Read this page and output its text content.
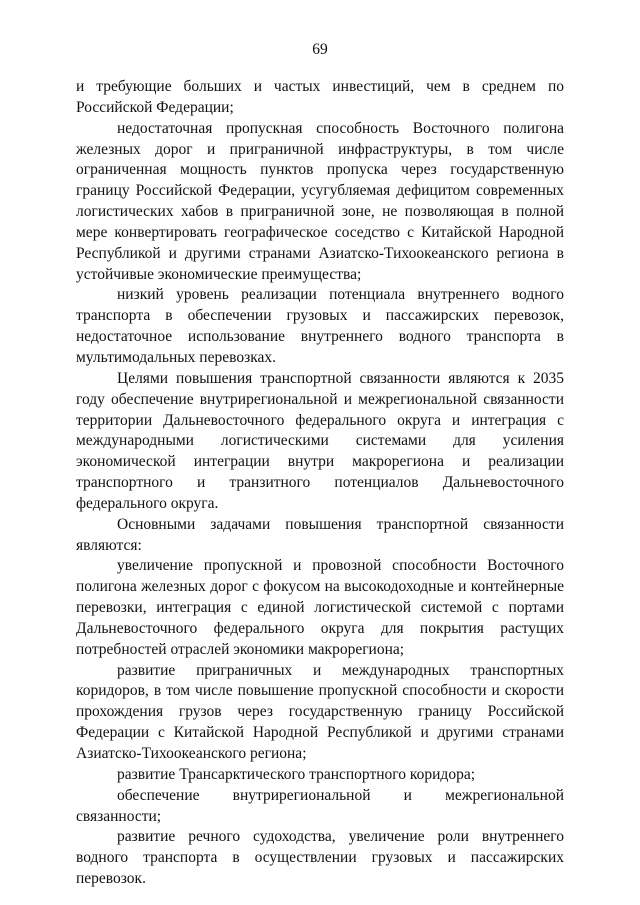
69

и требующие больших и частых инвестиций, чем в среднем по Российской Федерации;

недостаточная пропускная способность Восточного полигона железных дорог и приграничной инфраструктуры, в том числе ограниченная мощность пунктов пропуска через государственную границу Российской Федерации, усугубляемая дефицитом современных логистических хабов в приграничной зоне, не позволяющая в полной мере конвертировать географическое соседство с Китайской Народной Республикой и другими странами Азиатско-Тихоокеанского региона в устойчивые экономические преимущества;

низкий уровень реализации потенциала внутреннего водного транспорта в обеспечении грузовых и пассажирских перевозок, недостаточное использование внутреннего водного транспорта в мультимодальных перевозках.

Целями повышения транспортной связанности являются к 2035 году обеспечение внутрирегиональной и межрегиональной связанности территории Дальневосточного федерального округа и интеграция с международными логистическими системами для усиления экономической интеграции внутри макрорегиона и реализации транспортного и транзитного потенциалов Дальневосточного федерального округа.

Основными задачами повышения транспортной связанности являются:

увеличение пропускной и провозной способности Восточного полигона железных дорог с фокусом на высокодоходные и контейнерные перевозки, интеграция с единой логистической системой с портами Дальневосточного федерального округа для покрытия растущих потребностей отраслей экономики макрорегиона;

развитие приграничных и международных транспортных коридоров, в том числе повышение пропускной способности и скорости прохождения грузов через государственную границу Российской Федерации с Китайской Народной Республикой и другими странами Азиатско-Тихоокеанского региона;

развитие Трансарктического транспортного коридора;

обеспечение внутрирегиональной и межрегиональной связанности;

развитие речного судоходства, увеличение роли внутреннего водного транспорта в осуществлении грузовых и пассажирских перевозок.
